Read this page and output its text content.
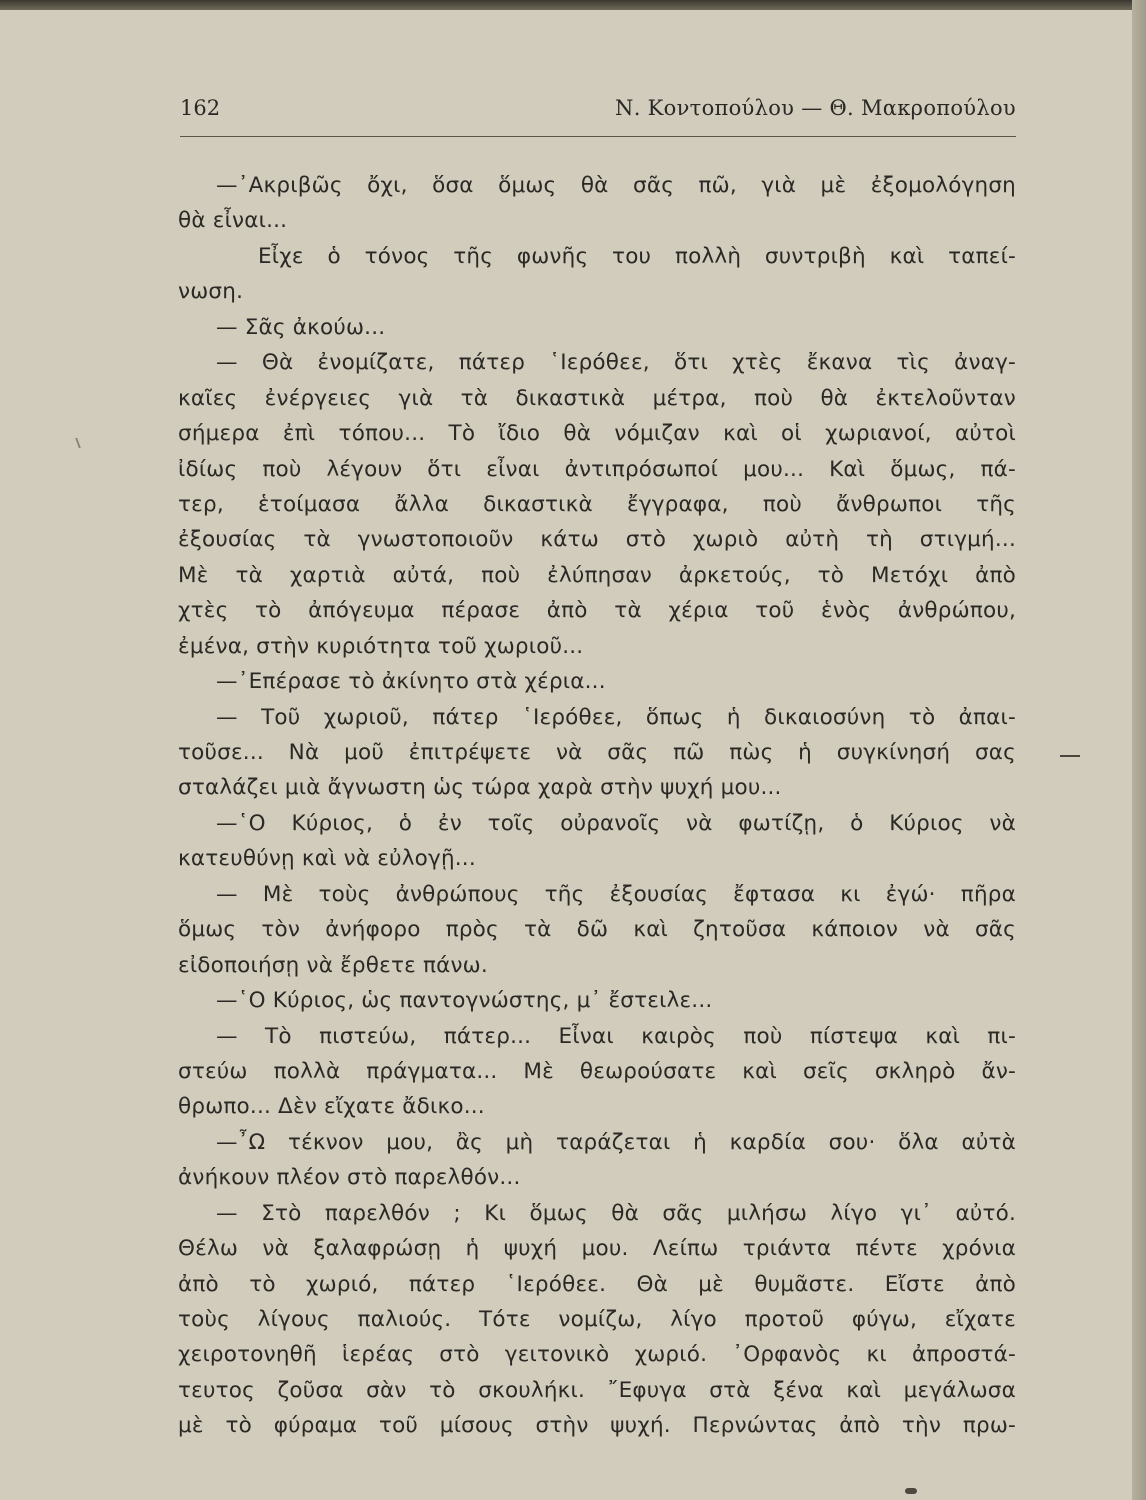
162	Ν. Κοντοπούλου — Θ. Μακροπούλου
—᾿Ακριβῶς ὄχι, ὅσα ὅμως θὰ σᾶς πῶ, γιὰ μὲ ἐξομολόγηση
θὰ εἶναι...
Εἶχε ὁ τόνος τῆς φωνῆς του πολλὴ συντριβὴ καὶ ταπεί-
νωση.
— Σᾶς ἀκούω...
— Θὰ ἐνομίζατε, πάτερ ῾Ιερόθεε, ὅτι χτὲς ἔκανα τὶς ἀναγ-
καῖες ἐνέργειες γιὰ τὰ δικαστικὰ μέτρα, ποὺ θὰ ἐκτελοῦνταν
σήμερα ἐπὶ τόπου... Τὸ ἴδιο θὰ νόμιζαν καὶ οἱ χωριανοί, αὐτοὶ
ἰδίως ποὺ λέγουν ὅτι εἶναι ἀντιπρόσωποί μου... Καὶ ὅμως, πά-
τερ, ἑτοίμασα ἄλλα δικαστικὰ ἔγγραφα, ποὺ ἄνθρωποι τῆς
ἐξουσίας τὰ γνωστοποιοῦν κάτω στὸ χωριὸ αὐτὴ τὴ στιγμή...
Μὲ τὰ χαρτιὰ αὐτά, ποὺ ἐλύπησαν ἀρκετούς, τὸ Μετόχι ἀπὸ
χτὲς τὸ ἀπόγευμα πέρασε ἀπὸ τὰ χέρια τοῦ ἑνὸς ἀνθρώπου,
ἐμένα, στὴν κυριότητα τοῦ χωριοῦ...
—᾿Επέρασε τὸ ἀκίνητο στὰ χέρια...
— Τοῦ χωριοῦ, πάτερ ῾Ιερόθεε, ὅπως ἡ δικαιοσύνη τὸ ἀπαι-
τοῦσε... Νὰ μοῦ ἐπιτρέψετε νὰ σᾶς πῶ πὼς ἡ συγκίνησή σας
σταλάζει μιὰ ἄγνωστη ὡς τώρα χαρὰ στὴν ψυχή μου...
—῾Ο Κύριος, ὁ ἐν τοῖς οὐρανοῖς νὰ φωτίζῃ, ὁ Κύριος νὰ
κατευθύνῃ καὶ νὰ εὐλογῇ...
— Μὲ τοὺς ἀνθρώπους τῆς ἐξουσίας ἔφτασα κι ἐγώ· πῆρα
ὅμως τὸν ἀνήφορο πρὸς τὰ δῶ καὶ ζητοῦσα κάποιον νὰ σᾶς
εἰδοποιήσῃ νὰ ἔρθετε πάνω.
—῾Ο Κύριος, ὡς παντογνώστης, μ᾿ ἔστειλε...
— Τὸ πιστεύω, πάτερ... Εἶναι καιρὸς ποὺ πίστεψα καὶ πι-
στεύω πολλὰ πράγματα... Μὲ θεωρούσατε καὶ σεῖς σκληρὸ ἄν-
θρωπο... Δὲν εἴχατε ἄδικο...
—῏Ω τέκνον μου, ἂς μὴ ταράζεται ἡ καρδία σου· ὅλα αὐτὰ
ἀνήκουν πλέον στὸ παρελθόν...
— Στὸ παρελθόν ; Κι ὅμως θὰ σᾶς μιλήσω λίγο γι᾿ αὐτό.
Θέλω νὰ ξαλαφρώσῃ ἡ ψυχή μου. Λείπω τριάντα πέντε χρόνια
ἀπὸ τὸ χωριό, πάτερ ῾Ιερόθεε. Θὰ μὲ θυμᾶστε. Εἴστε ἀπὸ
τοὺς λίγους παλιούς. Τότε νομίζω, λίγο προτοῦ φύγω, εἴχατε
χειροτονηθῆ ἱερέας στὸ γειτονικὸ χωριό. ᾿Ορφανὸς κι ἀπροστά-
τευτος ζοῦσα σὰν τὸ σκουλήκι. ῎Εφυγα στὰ ξένα καὶ μεγάλωσα
μὲ τὸ φύραμα τοῦ μίσους στὴν ψυχή. Περνώντας ἀπὸ τὴν πρω-
